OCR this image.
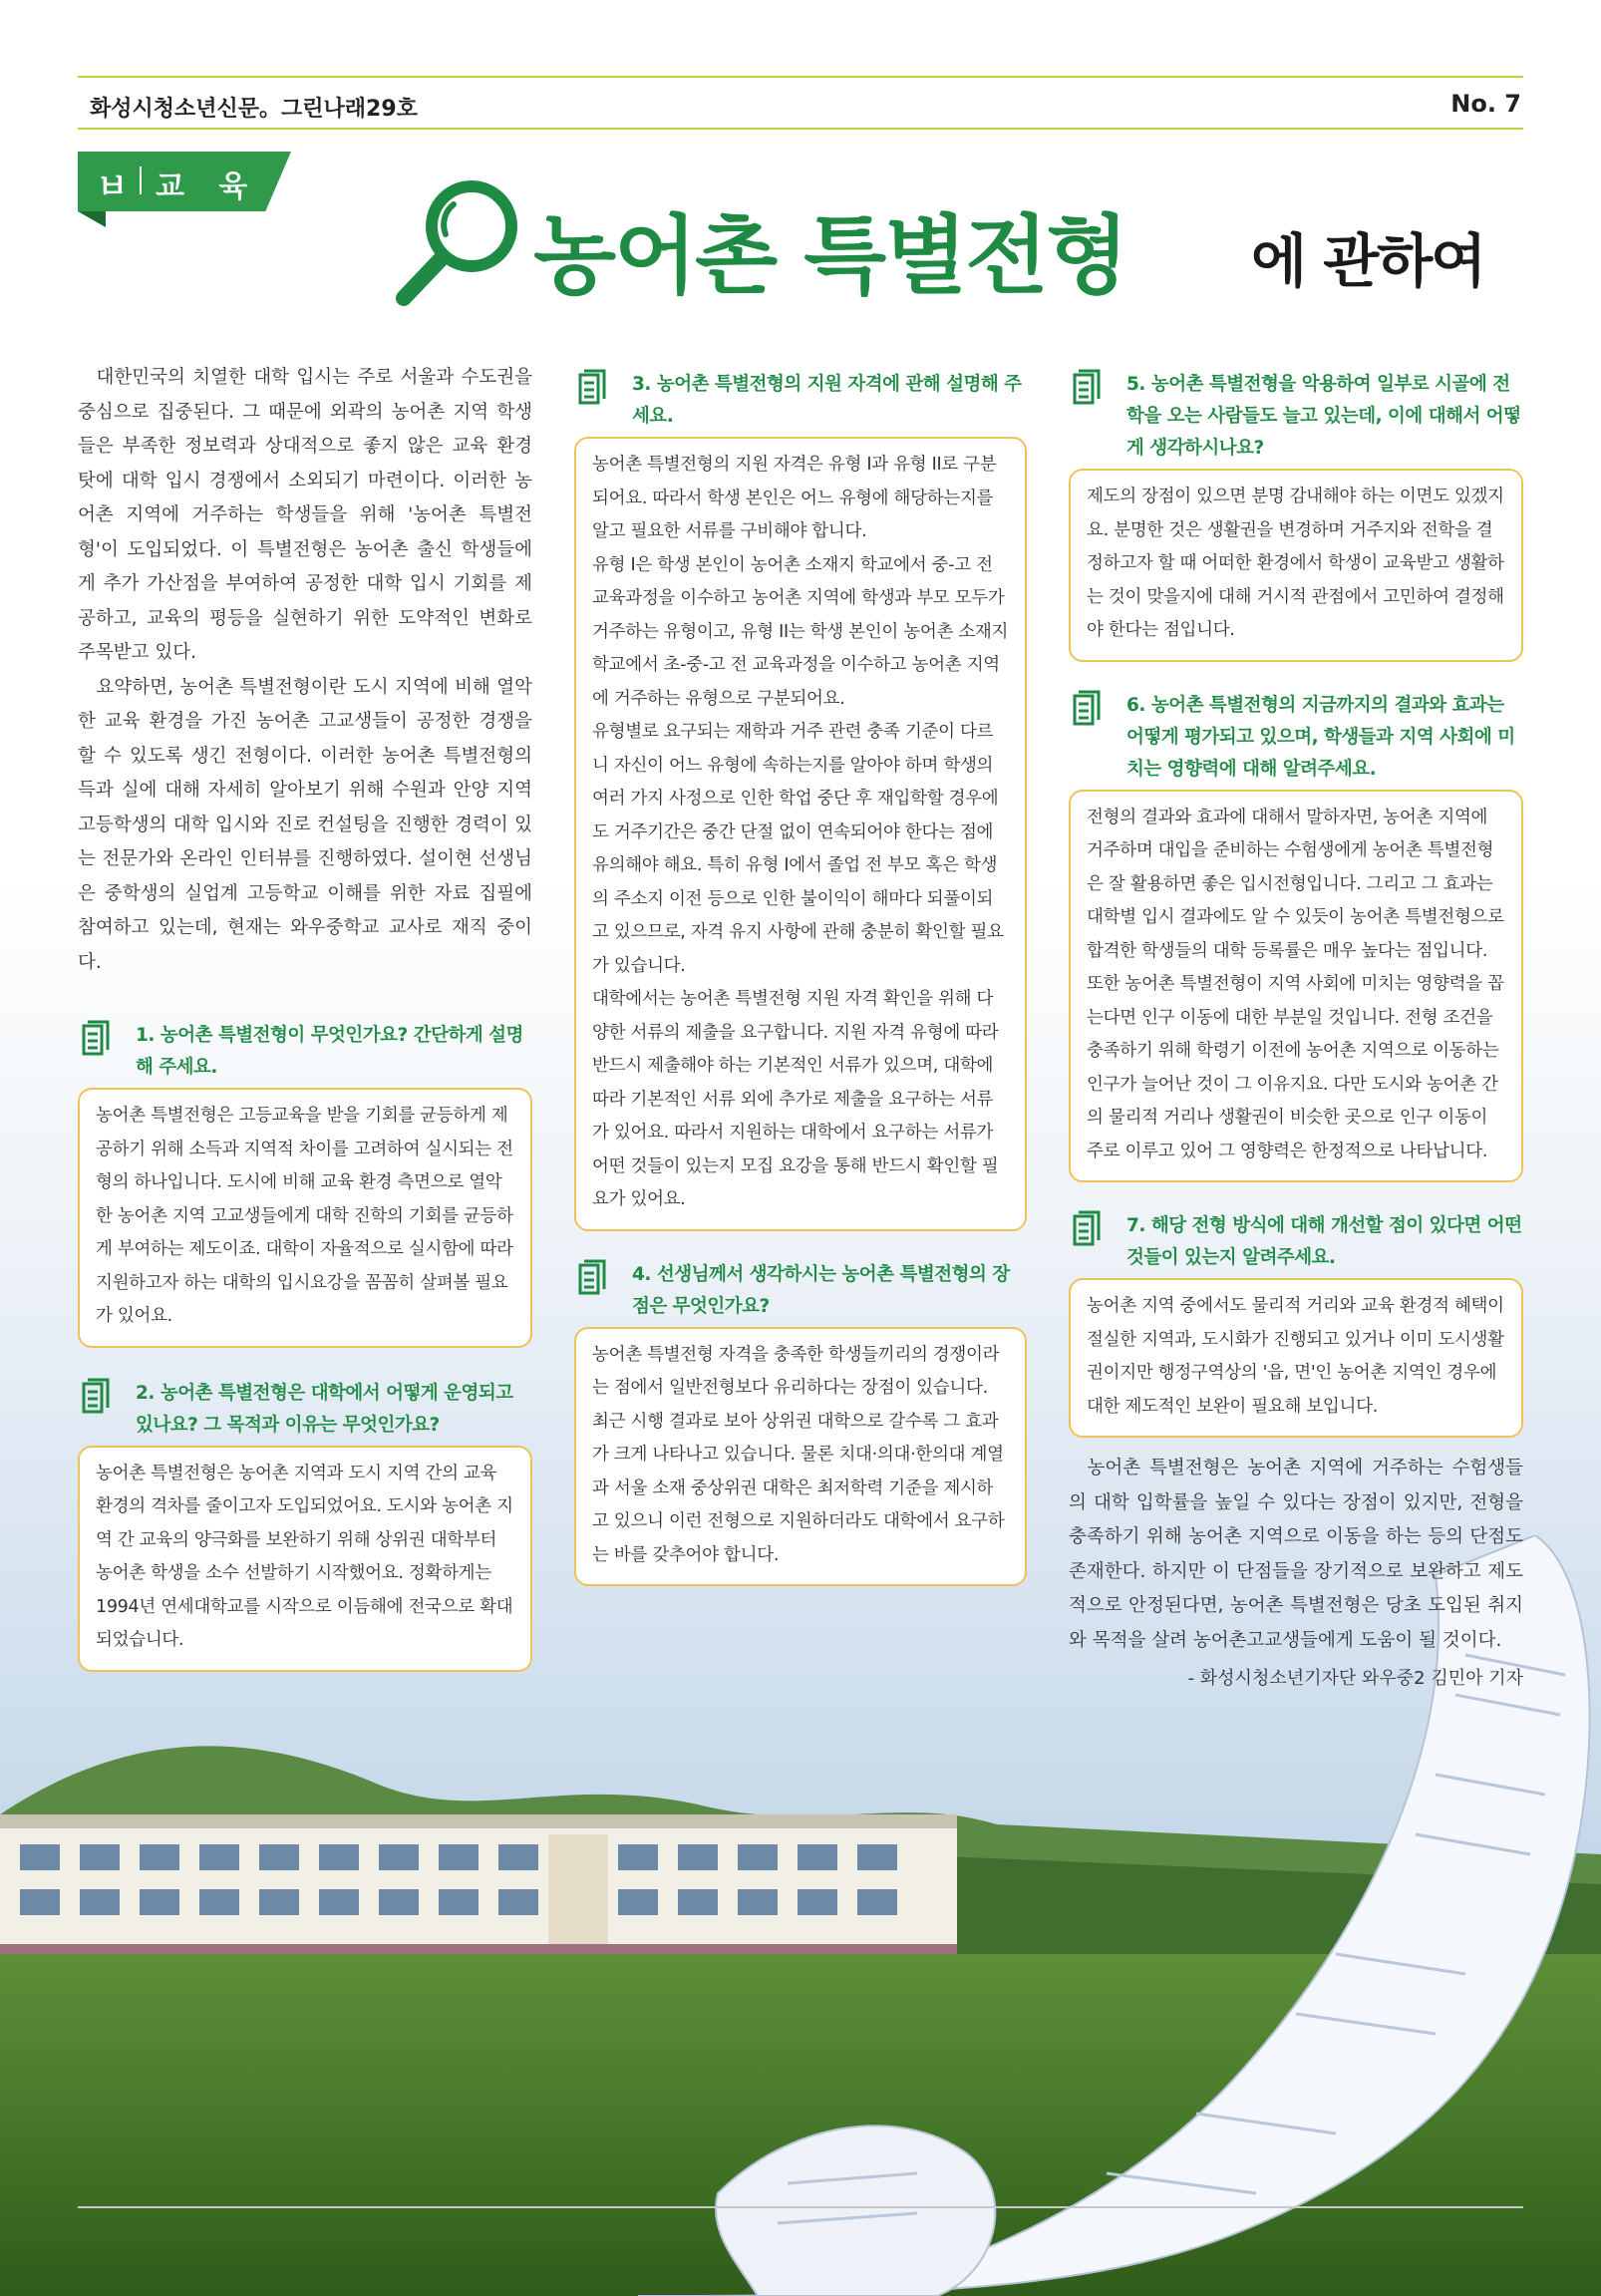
화성시청소년신문。그린나래29호	No. 7
ㅂ 교 육
농어촌 특별전형 에 관하여

대한민국의 치열한 대학 입시는 주로 서울과 수도권을 중심으로 집중된다. 그 때문에 외곽의 농어촌 지역 학생들은 부족한 정보력과 상대적으로 좋지 않은 교육 환경 탓에 대학 입시 경쟁에서 소외되기 마련이다. 이러한 농어촌 지역에 거주하는 학생들을 위해 '농어촌 특별전형'이 도입되었다. 이 특별전형은 농어촌 출신 학생들에게 추가 가산점을 부여하여 공정한 대학 입시 기회를 제공하고, 교육의 평등을 실현하기 위한 도약적인 변화로 주목받고 있다.

요약하면, 농어촌 특별전형이란 도시 지역에 비해 열악한 교육 환경을 가진 농어촌 고교생들이 공정한 경쟁을 할 수 있도록 생긴 전형이다. 이러한 농어촌 특별전형의 득과 실에 대해 자세히 알아보기 위해 수원과 안양 지역 고등학생의 대학 입시와 진로 컨설팅을 진행한 경력이 있는 전문가와 온라인 인터뷰를 진행하였다. 설이현 선생님은 중학생의 실업계 고등학교 이해를 위한 자료 집필에 참여하고 있는데, 현재는 와우중학교 교사로 재직 중이다.

1. 농어촌 특별전형이 무엇인가요? 간단하게 설명해 주세요.

농어촌 특별전형은 고등교육을 받을 기회를 균등하게 제공하기 위해 소득과 지역적 차이를 고려하여 실시되는 전형의 하나입니다. 도시에 비해 교육 환경 측면으로 열악한 농어촌 지역 고교생들에게 대학 진학의 기회를 균등하게 부여하는 제도이죠. 대학이 자율적으로 실시함에 따라 지원하고자 하는 대학의 입시요강을 꼼꼼히 살펴볼 필요가 있어요.

2. 농어촌 특별전형은 대학에서 어떻게 운영되고 있나요? 그 목적과 이유는 무엇인가요?

농어촌 특별전형은 농어촌 지역과 도시 지역 간의 교육 환경의 격차를 줄이고자 도입되었어요. 도시와 농어촌 지역 간 교육의 양극화를 보완하기 위해 상위권 대학부터 농어촌 학생을 소수 선발하기 시작했어요. 정확하게는 1994년 연세대학교를 시작으로 이듬해에 전국으로 확대되었습니다.

3. 농어촌 특별전형의 지원 자격에 관해 설명해 주세요.

농어촌 특별전형의 지원 자격은 유형 I과 유형 II로 구분되어요. 따라서 학생 본인은 어느 유형에 해당하는지를 알고 필요한 서류를 구비해야 합니다.

유형 I은 학생 본인이 농어촌 소재지 학교에서 중-고 전 교육과정을 이수하고 농어촌 지역에 학생과 부모 모두가 거주하는 유형이고, 유형 II는 학생 본인이 농어촌 소재지 학교에서 초-중-고 전 교육과정을 이수하고 농어촌 지역에 거주하는 유형으로 구분되어요.

유형별로 요구되는 재학과 거주 관련 충족 기준이 다르니 자신이 어느 유형에 속하는지를 알아야 하며 학생의 여러 가지 사정으로 인한 학업 중단 후 재입학할 경우에도 거주기간은 중간 단절 없이 연속되어야 한다는 점에 유의해야 해요. 특히 유형 I에서 졸업 전 부모 혹은 학생의 주소지 이전 등으로 인한 불이익이 해마다 되풀이되고 있으므로, 자격 유지 사항에 관해 충분히 확인할 필요가 있습니다.

대학에서는 농어촌 특별전형 지원 자격 확인을 위해 다양한 서류의 제출을 요구합니다. 지원 자격 유형에 따라 반드시 제출해야 하는 기본적인 서류가 있으며, 대학에 따라 기본적인 서류 외에 추가로 제출을 요구하는 서류가 있어요. 따라서 지원하는 대학에서 요구하는 서류가 어떤 것들이 있는지 모집 요강을 통해 반드시 확인할 필요가 있어요.

4. 선생님께서 생각하시는 농어촌 특별전형의 장점은 무엇인가요?

농어촌 특별전형 자격을 충족한 학생들끼리의 경쟁이라는 점에서 일반전형보다 유리하다는 장점이 있습니다. 최근 시행 결과로 보아 상위권 대학으로 갈수록 그 효과가 크게 나타나고 있습니다. 물론 치대·의대·한의대 계열과 서울 소재 중상위권 대학은 최저학력 기준을 제시하고 있으니 이런 전형으로 지원하더라도 대학에서 요구하는 바를 갖추어야 합니다.

5. 농어촌 특별전형을 악용하여 일부로 시골에 전학을 오는 사람들도 늘고 있는데, 이에 대해서 어떻게 생각하시나요?

제도의 장점이 있으면 분명 감내해야 하는 이면도 있겠지요. 분명한 것은 생활권을 변경하며 거주지와 전학을 결정하고자 할 때 어떠한 환경에서 학생이 교육받고 생활하는 것이 맞을지에 대해 거시적 관점에서 고민하여 결정해야 한다는 점입니다.

6. 농어촌 특별전형의 지금까지의 결과와 효과는 어떻게 평가되고 있으며, 학생들과 지역 사회에 미치는 영향력에 대해 알려주세요.

전형의 결과와 효과에 대해서 말하자면, 농어촌 지역에 거주하며 대입을 준비하는 수험생에게 농어촌 특별전형은 잘 활용하면 좋은 입시전형입니다. 그리고 그 효과는 대학별 입시 결과에도 알 수 있듯이 농어촌 특별전형으로 합격한 학생들의 대학 등록률은 매우 높다는 점입니다. 또한 농어촌 특별전형이 지역 사회에 미치는 영향력을 꼽는다면 인구 이동에 대한 부분일 것입니다. 전형 조건을 충족하기 위해 학령기 이전에 농어촌 지역으로 이동하는 인구가 늘어난 것이 그 이유지요. 다만 도시와 농어촌 간의 물리적 거리나 생활권이 비슷한 곳으로 인구 이동이 주로 이루고 있어 그 영향력은 한정적으로 나타납니다.

7. 해당 전형 방식에 대해 개선할 점이 있다면 어떤 것들이 있는지 알려주세요.

농어촌 지역 중에서도 물리적 거리와 교육 환경적 혜택이 절실한 지역과, 도시화가 진행되고 있거나 이미 도시생활권이지만 행정구역상의 '읍, 면'인 농어촌 지역인 경우에 대한 제도적인 보완이 필요해 보입니다.

농어촌 특별전형은 농어촌 지역에 거주하는 수험생들의 대학 입학률을 높일 수 있다는 장점이 있지만, 전형을 충족하기 위해 농어촌 지역으로 이동을 하는 등의 단점도 존재한다. 하지만 이 단점들을 장기적으로 보완하고 제도적으로 안정된다면, 농어촌 특별전형은 당초 도입된 취지와 목적을 살려 농어촌고교생들에게 도움이 될 것이다.

- 화성시청소년기자단 와우중2 김민아 기자
